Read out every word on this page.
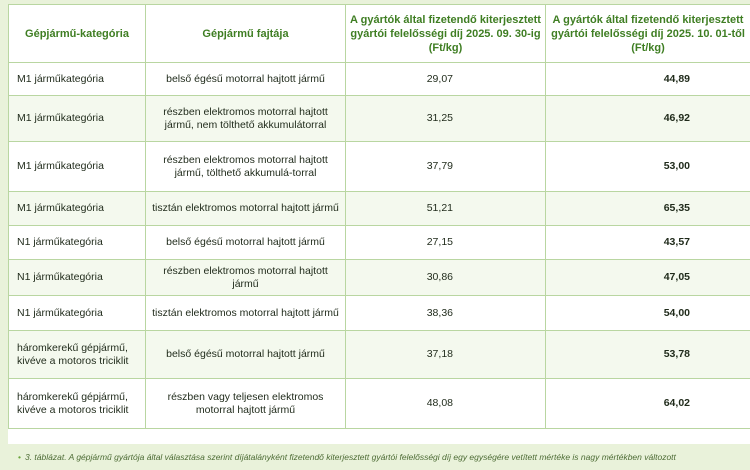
Gépjármű-kategória	Gépjármű fajtája	A gyártók által fizetendő kiterjesztett gyártói felelősségi díj 2025. 09. 30-ig (Ft/kg)	A gyártók által fizetendő kiterjesztett gyártói felelősségi díj 2025. 10. 01-től (Ft/kg)
M1 járműkategória	belső égésű motorral hajtott jármű	29,07	44,89
M1 járműkategória	részben elektromos motorral hajtott jármű, nem tölthető akkumulátorral	31,25	46,92
M1 járműkategória	részben elektromos motorral hajtott jármű, tölthető akkumulá-torral	37,79	53,00
M1 járműkategória	tisztán elektromos motorral hajtott jármű	51,21	65,35
N1 járműkategória	belső égésű motorral hajtott jármű	27,15	43,57
N1 járműkategória	részben elektromos motorral hajtott jármű	30,86	47,05
N1 járműkategória	tisztán elektromos motorral hajtott jármű	38,36	54,00
háromkerekű gépjármű, kivéve a motoros triciklit	belső égésű motorral hajtott jármű	37,18	53,78
háromkerekű gépjármű, kivéve a motoros triciklit	részben vagy teljesen elektromos motorral hajtott jármű	48,08	64,02
• 3. táblázat. A gépjármű gyártója által választása szerint díjátalányként fizetendő kiterjesztett gyártói felelősségi díj egy egységére vetített mértéke is nagy mértékben változott
